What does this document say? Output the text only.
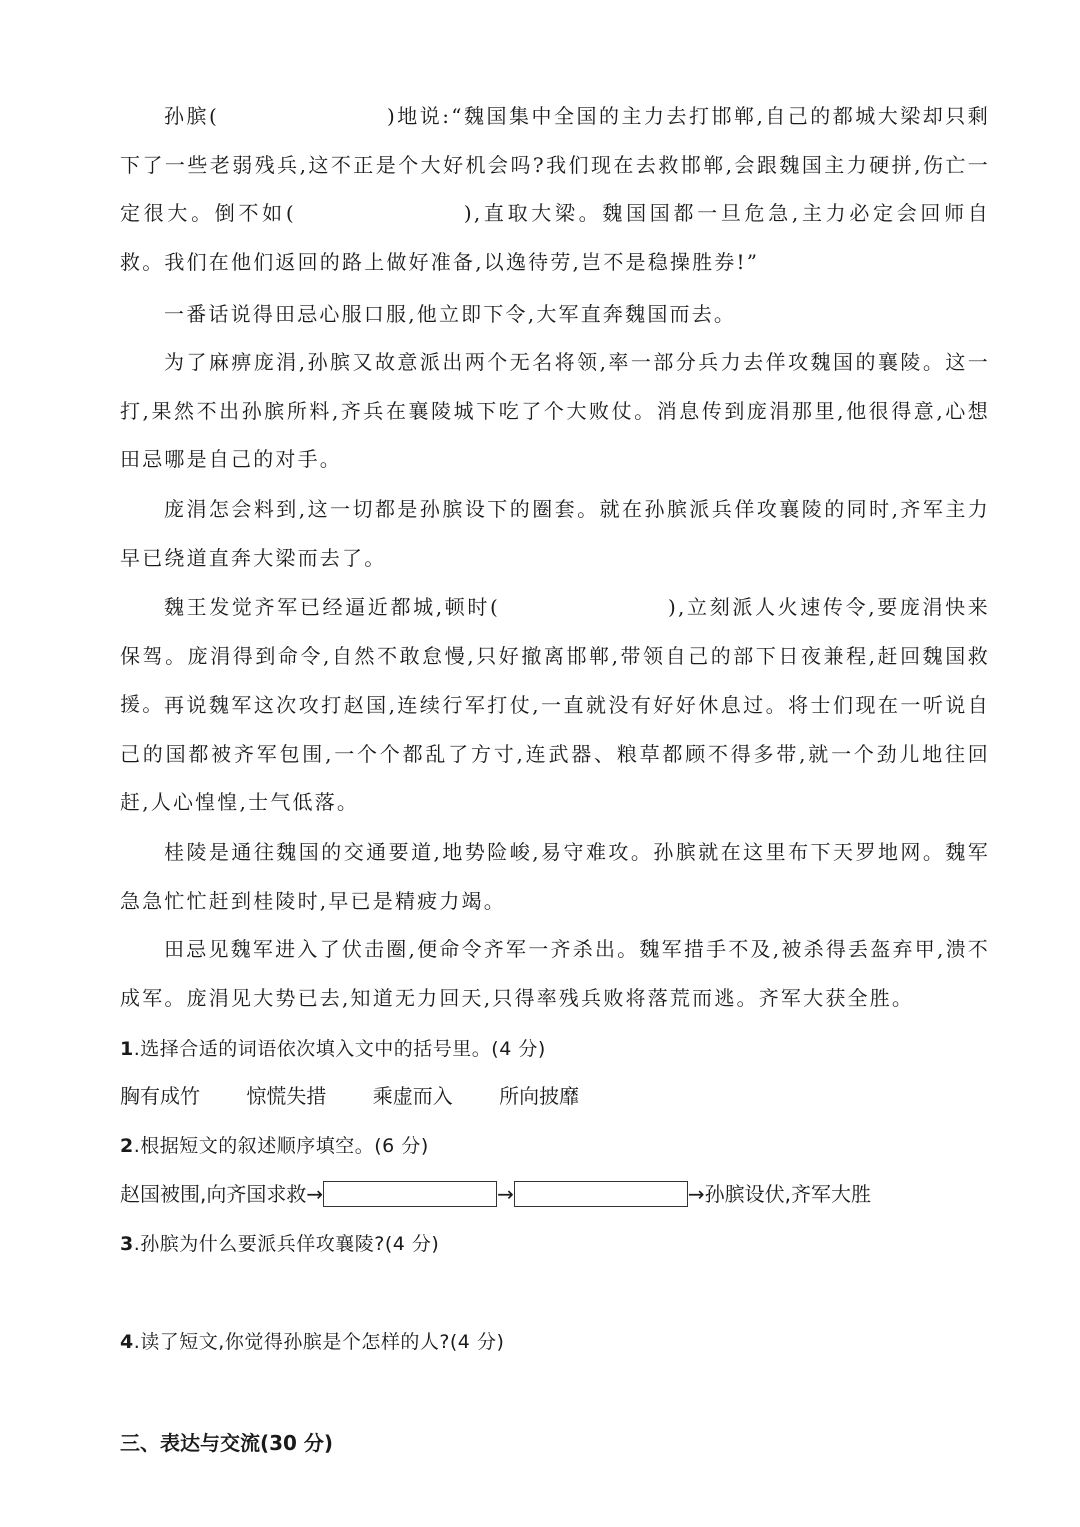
孙膑(	)地说:“魏国集中全国的主力去打邯郸,自己的都城大梁却只剩下了一些老弱残兵,这不正是个大好机会吗?我们现在去救邯郸,会跟魏国主力硬拼,伤亡一定很大。倒不如(	),直取大梁。魏国国都一旦危急,主力必定会回师自救。我们在他们返回的路上做好准备,以逸待劳,岂不是稳操胜券!”

一番话说得田忌心服口服,他立即下令,大军直奔魏国而去。

为了麻痹庞涓,孙膑又故意派出两个无名将领,率一部分兵力去佯攻魏国的襄陵。这一打,果然不出孙膑所料,齐兵在襄陵城下吃了个大败仗。消息传到庞涓那里,他很得意,心想田忌哪是自己的对手。

庞涓怎会料到,这一切都是孙膑设下的圈套。就在孙膑派兵佯攻襄陵的同时,齐军主力早已绕道直奔大梁而去了。

魏王发觉齐军已经逼近都城,顿时(	),立刻派人火速传令,要庞涓快来保驾。庞涓得到命令,自然不敢怠慢,只好撤离邯郸,带领自己的部下日夜兼程,赶回魏国救援。 再说魏军这次攻打赵国,连续行军打仗,一直就没有好好休息过。将士们现在一听说自己的国都被齐军包围,一个个都乱了方寸,连武器、粮草都顾不得多带,就一个劲儿地往回赶,人心惶惶,士气低落。

桂陵是通往魏国的交通要道,地势险峻,易守难攻。孙膑就在这里布下天罗地网。魏军急急忙忙赶到桂陵时,早已是精疲力竭。

田忌见魏军进入了伏击圈,便命令齐军一齐杀出。魏军措手不及,被杀得丢盔弃甲,溃不成军。庞涓见大势已去,知道无力回天,只得率残兵败将落荒而逃。齐军大获全胜。

1.选择合适的词语依次填入文中的括号里。(4 分)

胸有成竹 惊慌失措 乘虚而入 所向披靡

2.根据短文的叙述顺序填空。(6 分)

赵国被围,向齐国求救 →	→	→ 孙膑设伏,齐军大胜

3.孙膑为什么要派兵佯攻襄陵?(4 分)

4.读了短文,你觉得孙膑是个怎样的人?(4 分)

三、表达与交流(30 分)
